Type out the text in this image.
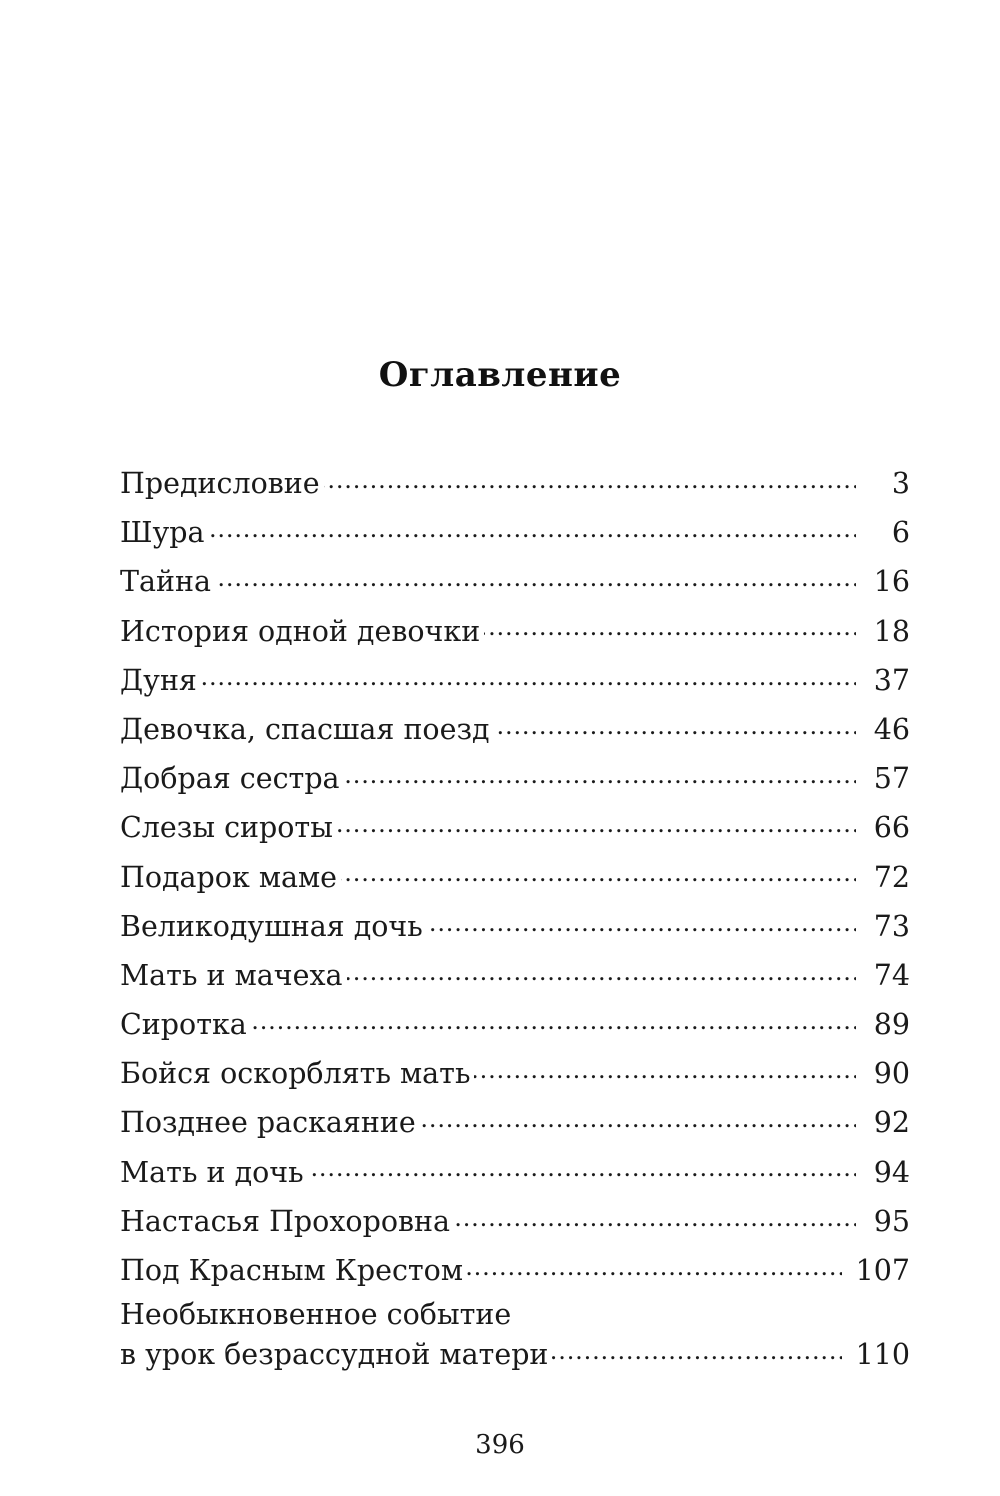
Оглавление
Предисловие . . .	3
Шура . . .	6
Тайна . . .	16
История одной девочки . . .	18
Дуня . . .	37
Девочка, спасшая поезд . . .	46
Добрая сестра . . .	57
Слезы сироты . . .	66
Подарок маме . . .	72
Великодушная дочь . . .	73
Мать и мачеха . . .	74
Сиротка . . .	89
Бойся оскорблять мать . . .	90
Позднее раскаяние . . .	92
Мать и дочь . . .	94
Настасья Прохоровна . . .	95
Под Красным Крестом . . .	107
Необыкновенное событие
в урок безрассудной матери . . .	110
396
